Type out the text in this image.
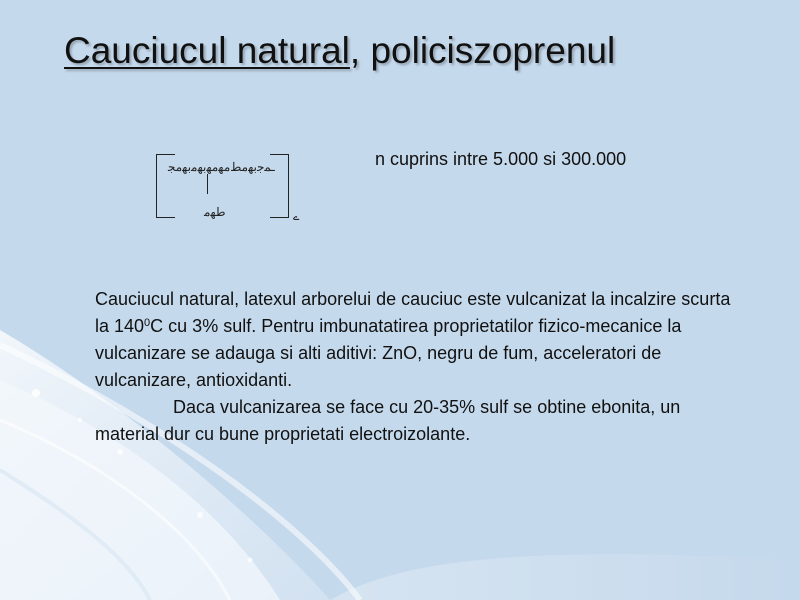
Cauciucul natural, policiszoprenul
ـ‍ﻤﺟﺑﻬﻣﻂﻣﻬﻣﻬﺑﻬﻣﺑﻬﻣﺠ
ﻃﻬﻣ	ے
n cuprins intre 5.000 si 300.000

Cauciucul natural, latexul arborelui de cauciuc este vulcanizat la incalzire scurta la $140^0C$ cu 3% sulf. Pentru imbunatatirea proprietatilor fizico-mecanice la vulcanizare se adauga si alti aditivi: ZnO, negru de fum, acceleratori de vulcanizare, antioxidanti.

Daca vulcanizarea se face cu 20-35% sulf se obtine ebonita, un material dur cu bune proprietati electroizolante.
